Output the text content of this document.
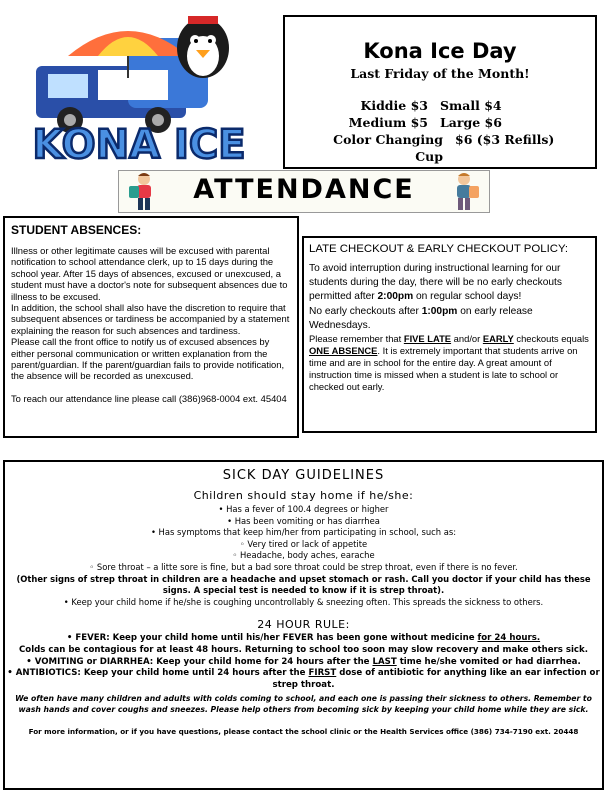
KONA ICE
Kona Ice Day
Last Friday of the Month!
Kiddie $3 Small $4
Medium $5 Large $6
Color Changing Cup
$6 ($3 Refills)
ATTENDANCE
STUDENT ABSENCES:

Illness or other legitimate causes will be excused with parental notification to school attendance clerk, up to 15 days during the school year. After 15 days of absences, excused or unexcused, a student must have a doctor's note for subsequent absences due to illness to be excused.

In addition, the school shall also have the discretion to require that subsequent absences or tardiness be accompanied by a statement explaining the reason for such absences and tardiness.

Please call the front office to notify us of excused absences by either personal communication or written explanation from the parent/guardian. If the parent/guardian fails to provide notification, the absence will be recorded as unexcused.

To reach our attendance line please call (386)968-0004 ext. 45404

LATE CHECKOUT & EARLY CHECKOUT POLICY:

To avoid interruption during instructional learning for our students during the day, there will be no early checkouts permitted after 2:00pm on regular school days!

No early checkouts after 1:00pm on early release Wednesdays.

Please remember that FIVE LATE and/or EARLY checkouts equals ONE ABSENCE. It is extremely important that students arrive on time and are in school for the entire day. A great amount of instruction time is missed when a student is late to school or checked out early.

SICK DAY GUIDELINES
Children should stay home if he/she:
• Has a fever of 100.4 degrees or higher
• Has been vomiting or has diarrhea
• Has symptoms that keep him/her from participating in school, such as:
◦ Very tired or lack of appetite
◦ Headache, body aches, earache
◦ Sore throat – a litte sore is fine, but a bad sore throat could be strep throat, even if there is no fever.
(Other signs of strep throat in children are a headache and upset stomach or rash. Call you doctor if your child has these signs. A special test is needed to know if it is strep throat).
• Keep your child home if he/she is coughing uncontrollably & sneezing often. This spreads the sickness to others.
24 HOUR RULE:
• FEVER: Keep your child home until his/her FEVER has been gone without medicine for 24 hours.
Colds can be contagious for at least 48 hours. Returning to school too soon may slow recovery and make others sick.
• VOMITING or DIARRHEA: Keep your child home for 24 hours after the LAST time he/she vomited or had diarrhea.
• ANTIBIOTICS: Keep your child home until 24 hours after the FIRST dose of antibiotic for anything like an ear infection or strep throat.
We often have many children and adults with colds coming to school, and each one is passing their sickness to others. Remember to wash hands and cover coughs and sneezes. Please help others from becoming sick by keeping your child home while they are sick.
For more information, or if you have questions, please contact the school clinic or the Health Services office (386) 734-7190 ext. 20448
